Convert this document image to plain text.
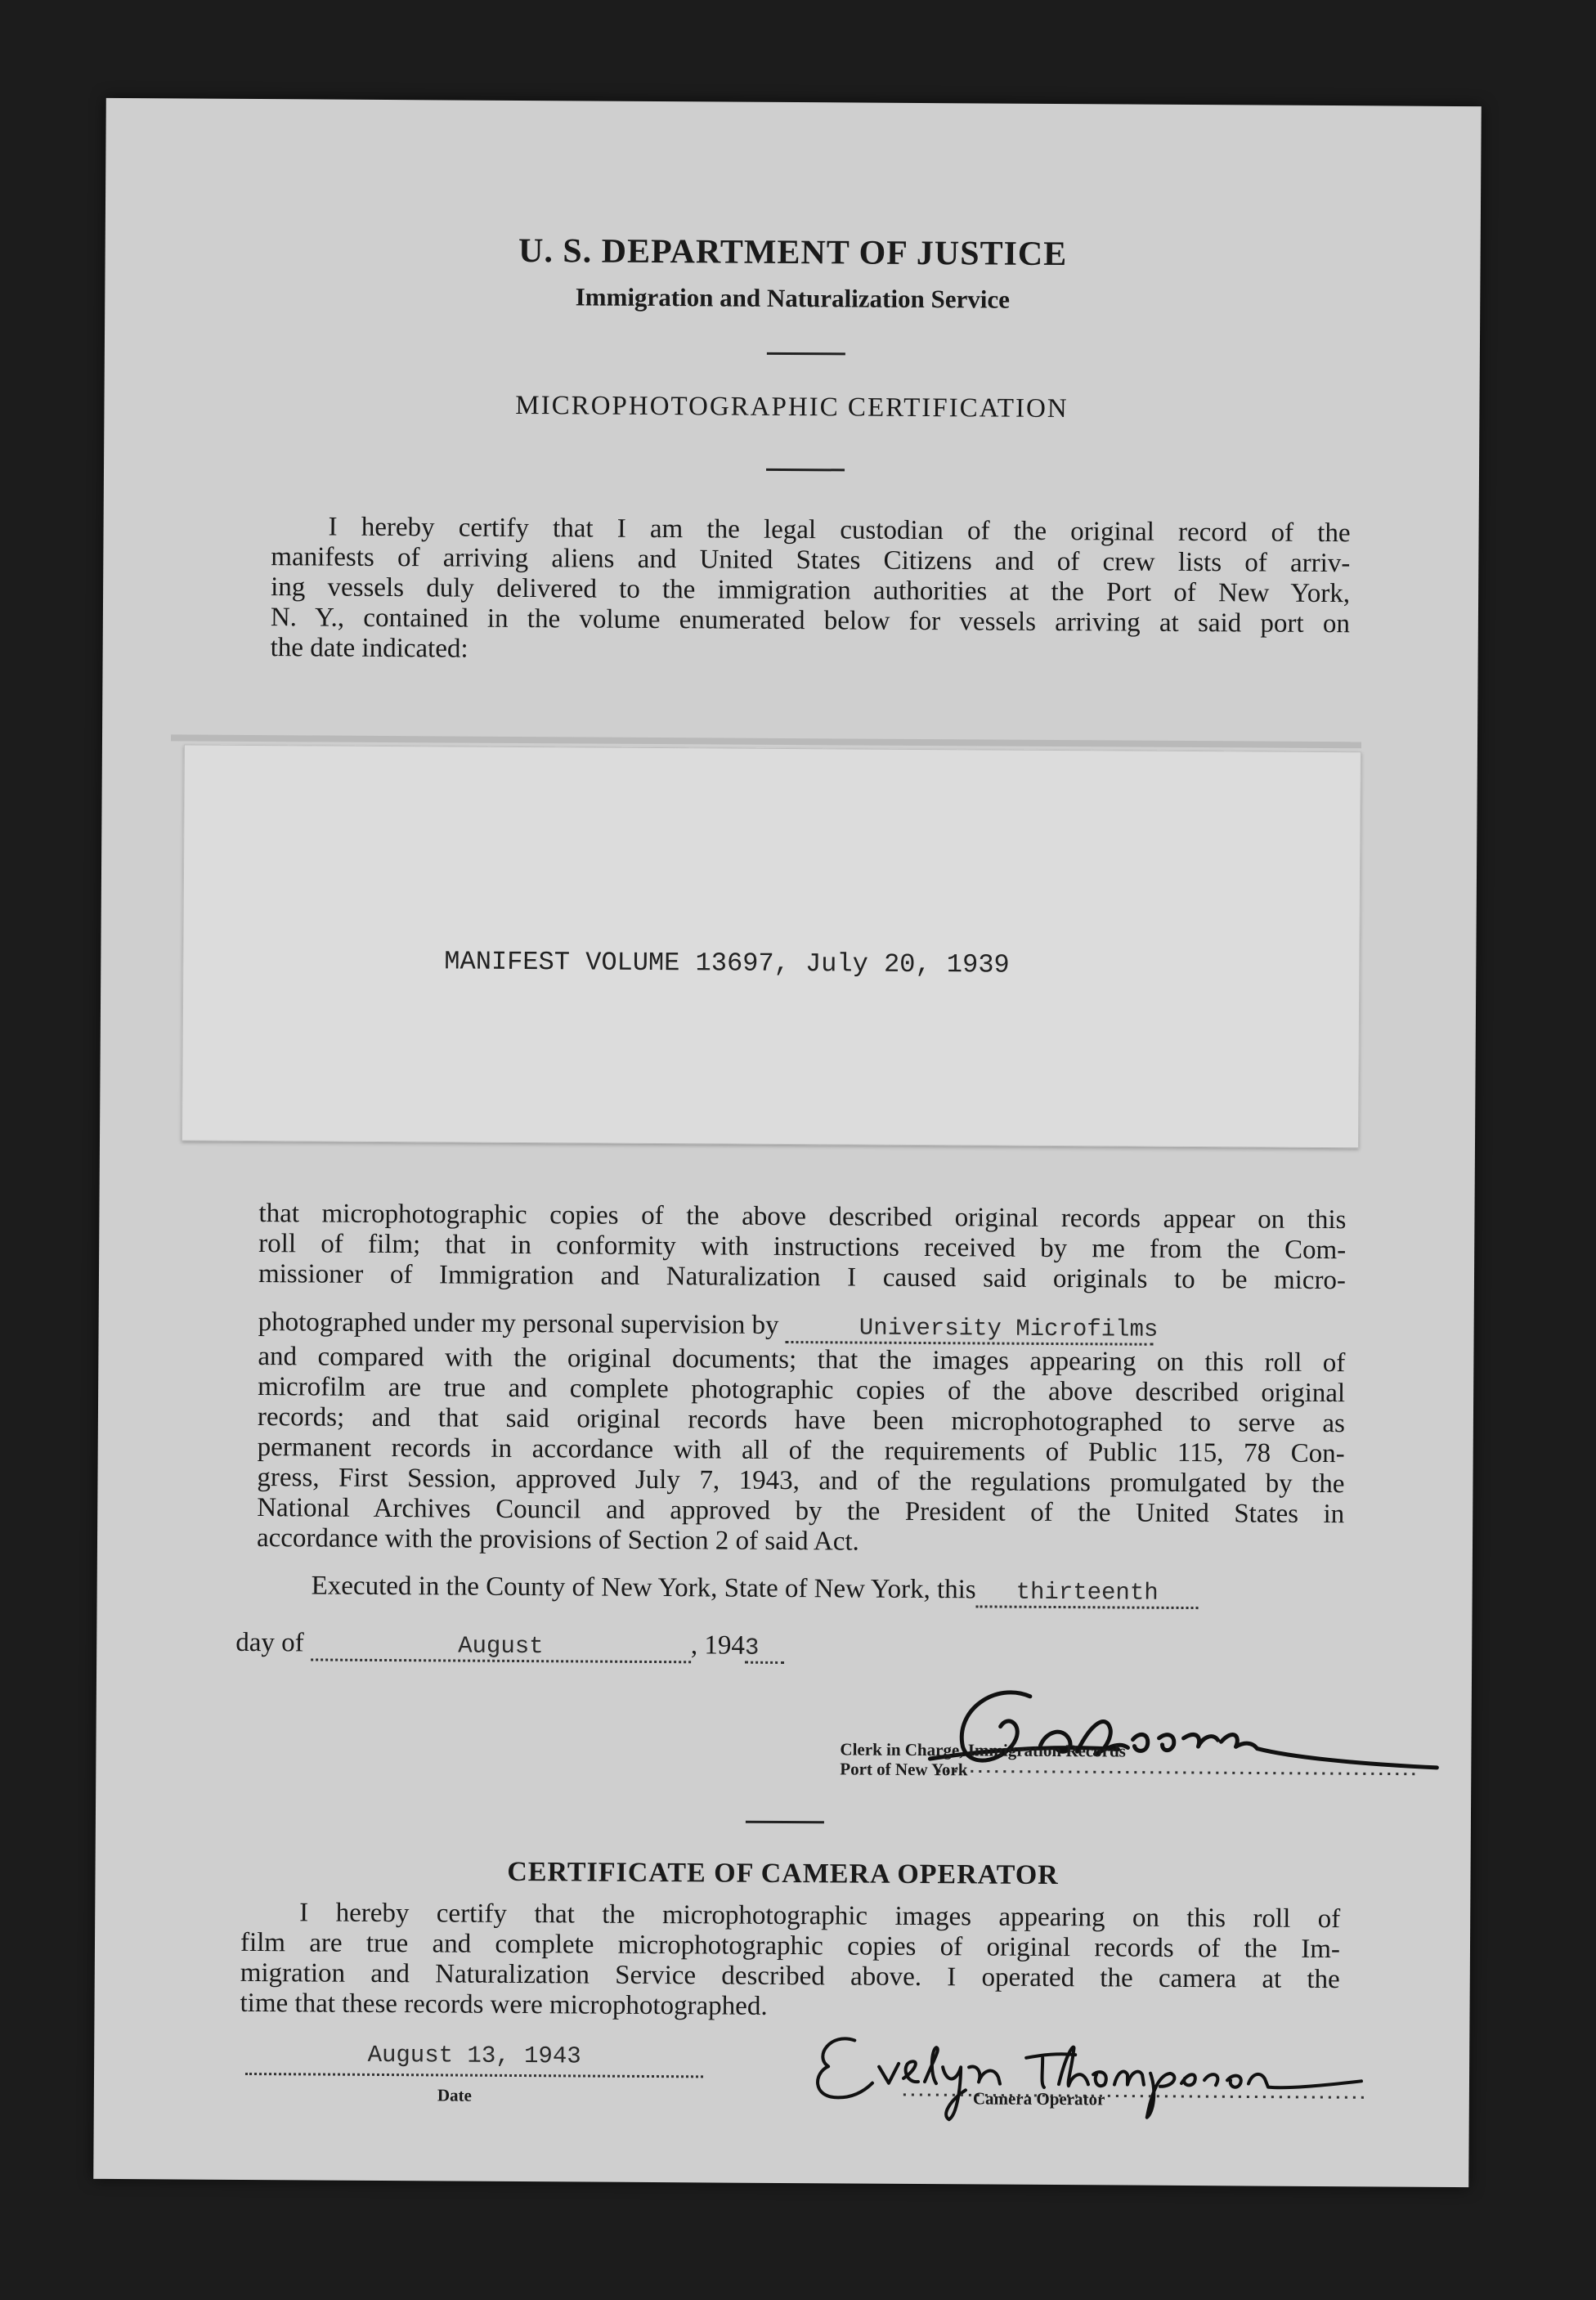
U. S. DEPARTMENT OF JUSTICE
Immigration and Naturalization Service
MICROPHOTOGRAPHIC CERTIFICATION
I hereby certify that I am the legal custodian of the original record of the
manifests of arriving aliens and United States Citizens and of crew lists of arriv-
ing vessels duly delivered to the immigration authorities at the Port of New York,
N. Y., contained in the volume enumerated below for vessels arriving at said port on
the date indicated:
MANIFEST VOLUME 13697, July 20, 1939
that microphotographic copies of the above described original records appear on this
roll of film; that in conformity with instructions received by me from the Com-
missioner of Immigration and Naturalization I caused said originals to be micro-
photographed under my personal supervision by	University Microfilms
and compared with the original documents; that the images appearing on this roll of
microfilm are true and complete photographic copies of the above described original
records; and that said original records have been microphotographed to serve as
permanent records in accordance with all of the requirements of Public 115, 78 Con-
gress, First Session, approved July 7, 1943, and of the regulations promulgated by the
National Archives Council and approved by the President of the United States in
accordance with the provisions of Section 2 of said Act.
Executed in the County of New York, State of New York, this thirteenth
day of	August	, 1943
Clerk in Charge, Immigration Records
Port of New York
CERTIFICATE OF CAMERA OPERATOR
I hereby certify that the microphotographic images appearing on this roll of
film are true and complete microphotographic copies of original records of the Im-
migration and Naturalization Service described above. I operated the camera at the
time that these records were microphotographed.
August 13, 1943
Date	Camera Operator
